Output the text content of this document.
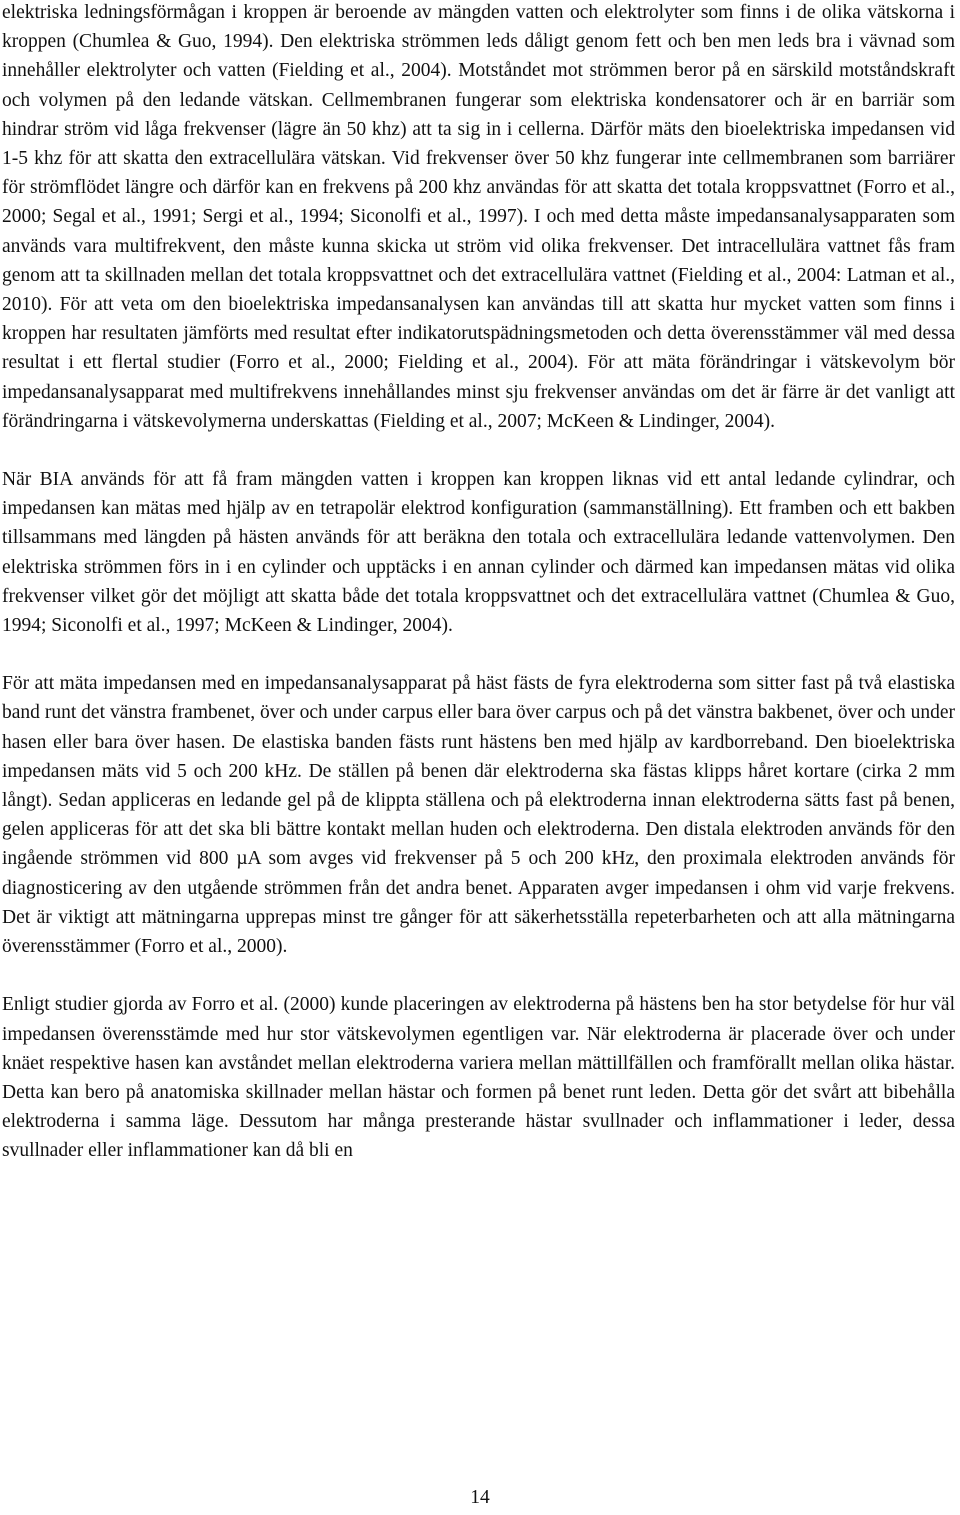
elektriska ledningsförmågan i kroppen är beroende av mängden vatten och elektrolyter som finns i de olika vätskorna i kroppen (Chumlea & Guo, 1994). Den elektriska strömmen leds dåligt genom fett och ben men leds bra i vävnad som innehåller elektrolyter och vatten (Fielding et al., 2004). Motståndet mot strömmen beror på en särskild motståndskraft och volymen på den ledande vätskan. Cellmembranen fungerar som elektriska kondensatorer och är en barriär som hindrar ström vid låga frekvenser (lägre än 50 khz) att ta sig in i cellerna. Därför mäts den bioelektriska impedansen vid 1-5 khz för att skatta den extracellulära vätskan. Vid frekvenser över 50 khz fungerar inte cellmembranen som barriärer för strömflödet längre och därför kan en frekvens på 200 khz användas för att skatta det totala kroppsvattnet (Forro et al., 2000; Segal et al., 1991; Sergi et al., 1994; Siconolfi et al., 1997). I och med detta måste impedansanalysapparaten som används vara multifrekvent, den måste kunna skicka ut ström vid olika frekvenser. Det intracellulära vattnet fås fram genom att ta skillnaden mellan det totala kroppsvattnet och det extracellulära vattnet (Fielding et al., 2004: Latman et al., 2010). För att veta om den bioelektriska impedansanalysen kan användas till att skatta hur mycket vatten som finns i kroppen har resultaten jämförts med resultat efter indikatorutspädningsmetoden och detta överensstämmer väl med dessa resultat i ett flertal studier (Forro et al., 2000; Fielding et al., 2004). För att mäta förändringar i vätskevolym bör impedansanalysapparat med multifrekvens innehållandes minst sju frekvenser användas om det är färre är det vanligt att förändringarna i vätskevolymerna underskattas (Fielding et al., 2007; McKeen & Lindinger, 2004).

När BIA används för att få fram mängden vatten i kroppen kan kroppen liknas vid ett antal ledande cylindrar, och impedansen kan mätas med hjälp av en tetrapolär elektrod konfiguration (sammanställning). Ett framben och ett bakben tillsammans med längden på hästen används för att beräkna den totala och extracellulära ledande vattenvolymen. Den elektriska strömmen förs in i en cylinder och upptäcks i en annan cylinder och därmed kan impedansen mätas vid olika frekvenser vilket gör det möjligt att skatta både det totala kroppsvattnet och det extracellulära vattnet (Chumlea & Guo, 1994; Siconolfi et al., 1997; McKeen & Lindinger, 2004).

För att mäta impedansen med en impedansanalysapparat på häst fästs de fyra elektroderna som sitter fast på två elastiska band runt det vänstra frambenet, över och under carpus eller bara över carpus och på det vänstra bakbenet, över och under hasen eller bara över hasen. De elastiska banden fästs runt hästens ben med hjälp av kardborreband. Den bioelektriska impedansen mäts vid 5 och 200 kHz. De ställen på benen där elektroderna ska fästas klipps håret kortare (cirka 2 mm långt). Sedan appliceras en ledande gel på de klippta ställena och på elektroderna innan elektroderna sätts fast på benen, gelen appliceras för att det ska bli bättre kontakt mellan huden och elektroderna. Den distala elektroden används för den ingående strömmen vid 800 µA som avges vid frekvenser på 5 och 200 kHz, den proximala elektroden används för diagnosticering av den utgående strömmen från det andra benet. Apparaten avger impedansen i ohm vid varje frekvens. Det är viktigt att mätningarna upprepas minst tre gånger för att säkerhetsställa repeterbarheten och att alla mätningarna överensstämmer (Forro et al., 2000).

Enligt studier gjorda av Forro et al. (2000) kunde placeringen av elektroderna på hästens ben ha stor betydelse för hur väl impedansen överensstämde med hur stor vätskevolymen egentligen var. När elektroderna är placerade över och under knäet respektive hasen kan avståndet mellan elektroderna variera mellan mättillfällen och framförallt mellan olika hästar. Detta kan bero på anatomiska skillnader mellan hästar och formen på benet runt leden. Detta gör det svårt att bibehålla elektroderna i samma läge. Dessutom har många presterande hästar svullnader och inflammationer i leder, dessa svullnader eller inflammationer kan då bli en

14
